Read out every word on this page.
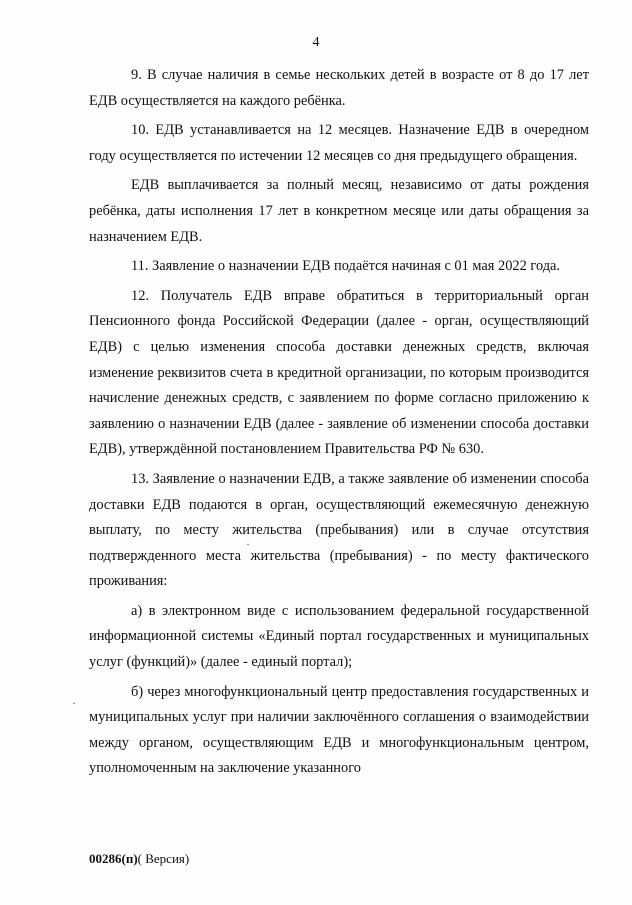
4

9. В случае наличия в семье нескольких детей в возрасте от 8 до 17 лет ЕДВ осуществляется на каждого ребёнка.

10. ЕДВ устанавливается на 12 месяцев. Назначение ЕДВ в очередном году осуществляется по истечении 12 месяцев со дня предыдущего обращения.

ЕДВ выплачивается за полный месяц, независимо от даты рождения ребёнка, даты исполнения 17 лет в конкретном месяце или даты обращения за назначением ЕДВ.

11. Заявление о назначении ЕДВ подаётся начиная с 01 мая 2022 года.

12. Получатель ЕДВ вправе обратиться в территориальный орган Пенсионного фонда Российской Федерации (далее - орган, осуществляющий ЕДВ) с целью изменения способа доставки денежных средств, включая изменение реквизитов счета в кредитной организации, по которым производится начисление денежных средств, с заявлением по форме согласно приложению к заявлению о назначении ЕДВ (далее - заявление об изменении способа доставки ЕДВ), утверждённой постановлением Правительства РФ № 630.

13. Заявление о назначении ЕДВ, а также заявление об изменении способа доставки ЕДВ подаются в орган, осуществляющий ежемесячную денежную выплату, по месту жительства (пребывания) или в случае отсутствия подтвержденного места жительства (пребывания) - по месту фактического проживания:

а) в электронном виде с использованием федеральной государственной информационной системы «Единый портал государственных и муниципальных услуг (функций)» (далее - единый портал);

б) через многофункциональный центр предоставления государственных и муниципальных услуг при наличии заключённого соглашения о взаимодействии между органом, осуществляющим ЕДВ и многофункциональным центром, уполномоченным на заключение указанного

·
·
00286(п)( Версия)
